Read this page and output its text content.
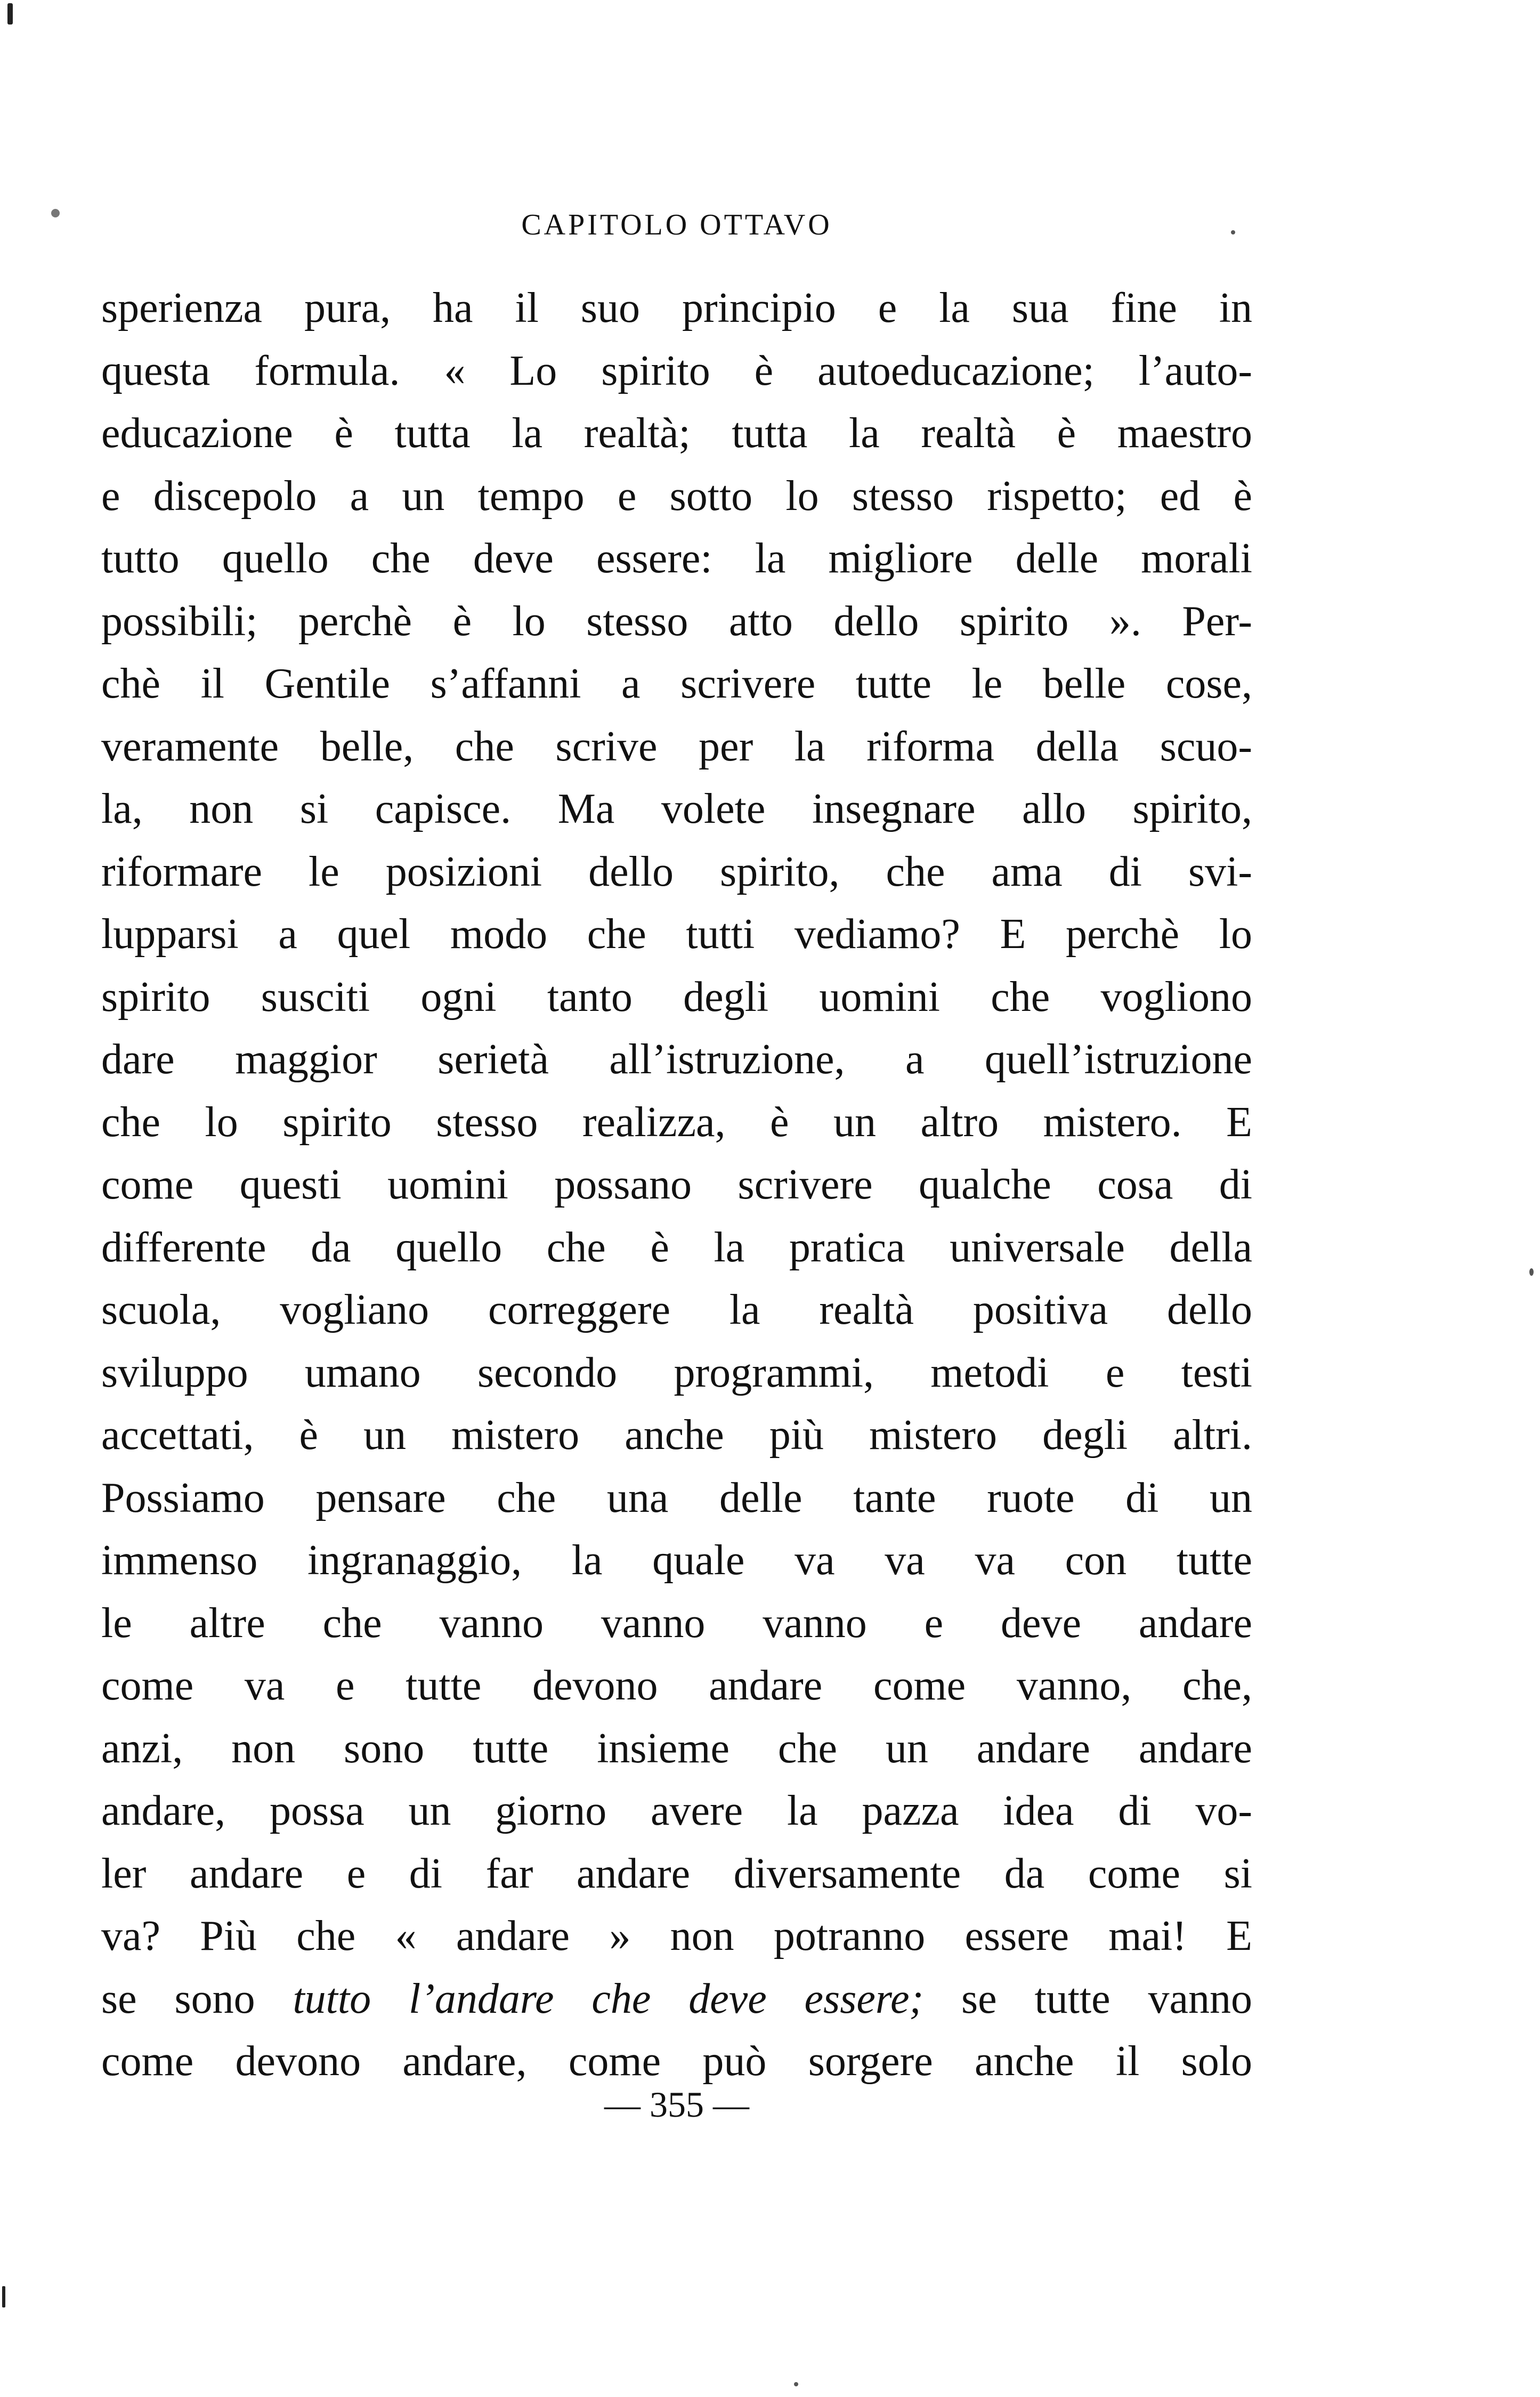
CAPITOLO OTTAVO
sperienza pura, ha il suo principio e la sua fine in
questa formula. « Lo spirito è autoeducazione; l’auto-
educazione è tutta la realtà; tutta la realtà è maestro
e discepolo a un tempo e sotto lo stesso rispetto; ed è
tutto quello che deve essere: la migliore delle morali
possibili; perchè è lo stesso atto dello spirito ». Per-
chè il Gentile s’affanni a scrivere tutte le belle cose,
veramente belle, che scrive per la riforma della scuo-
la, non si capisce. Ma volete insegnare allo spirito,
riformare le posizioni dello spirito, che ama di svi-
lupparsi a quel modo che tutti vediamo? E perchè lo
spirito susciti ogni tanto degli uomini che vogliono
dare maggior serietà all’istruzione, a quell’istruzione
che lo spirito stesso realizza, è un altro mistero. E
come questi uomini possano scrivere qualche cosa di
differente da quello che è la pratica universale della
scuola, vogliano correggere la realtà positiva dello
sviluppo umano secondo programmi, metodi e testi
accettati, è un mistero anche più mistero degli altri.
Possiamo pensare che una delle tante ruote di un
immenso ingranaggio, la quale va va va con tutte
le altre che vanno vanno vanno e deve andare
come va e tutte devono andare come vanno, che,
anzi, non sono tutte insieme che un andare andare
andare, possa un giorno avere la pazza idea di vo-
ler andare e di far andare diversamente da come si
va? Più che « andare » non potranno essere mai! E
se sono tutto l’andare che deve essere; se tutte vanno
come devono andare, come può sorgere anche il solo
— 355 —
